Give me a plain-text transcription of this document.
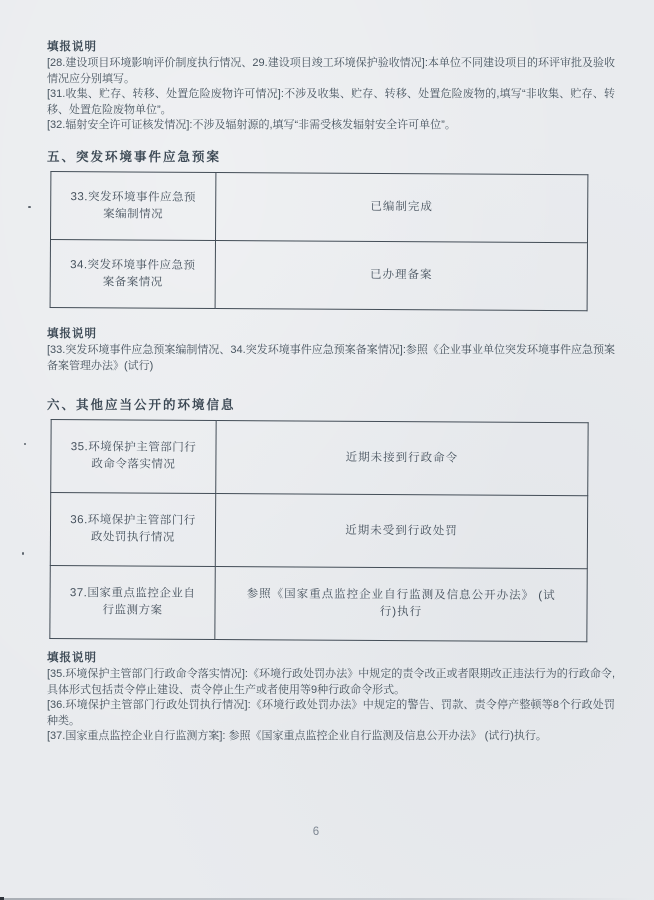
填报说明

[28.建设项目环境影响评价制度执行情况、29.建设项目竣工环境保护验收情况]:本单位不同建设项目的环评审批及验收情况应分别填写。

[31.收集、贮存、转移、处置危险废物许可情况]:不涉及收集、贮存、转移、处置危险废物的,填写“非收集、贮存、转移、处置危险废物单位”。

[32.辐射安全许可证核发情况]:不涉及辐射源的,填写“非需受核发辐射安全许可单位”。

五、突发环境事件应急预案
33.突发环境事件应急预案编制情况	已编制完成
34.突发环境事件应急预案备案情况	已办理备案
填报说明

[33.突发环境事件应急预案编制情况、34.突发环境事件应急预案备案情况]:参照《企业事业单位突发环境事件应急预案备案管理办法》(试行)

六、其他应当公开的环境信息
35.环境保护主管部门行政命令落实情况	近期未接到行政命令
36.环境保护主管部门行政处罚执行情况	近期未受到行政处罚
37.国家重点监控企业自行监测方案	参照《国家重点监控企业自行监测及信息公开办法》 (试行)执行
填报说明

[35.环境保护主管部门行政命令落实情况]:《环境行政处罚办法》中规定的责令改正或者限期改正违法行为的行政命令,具体形式包括责令停止建设、责令停止生产或者使用等9种行政命令形式。

[36.环境保护主管部门行政处罚执行情况]:《环境行政处罚办法》中规定的警告、罚款、责令停产整顿等8个行政处罚种类。

[37.国家重点监控企业自行监测方案]: 参照《国家重点监控企业自行监测及信息公开办法》 (试行)执行。

6
